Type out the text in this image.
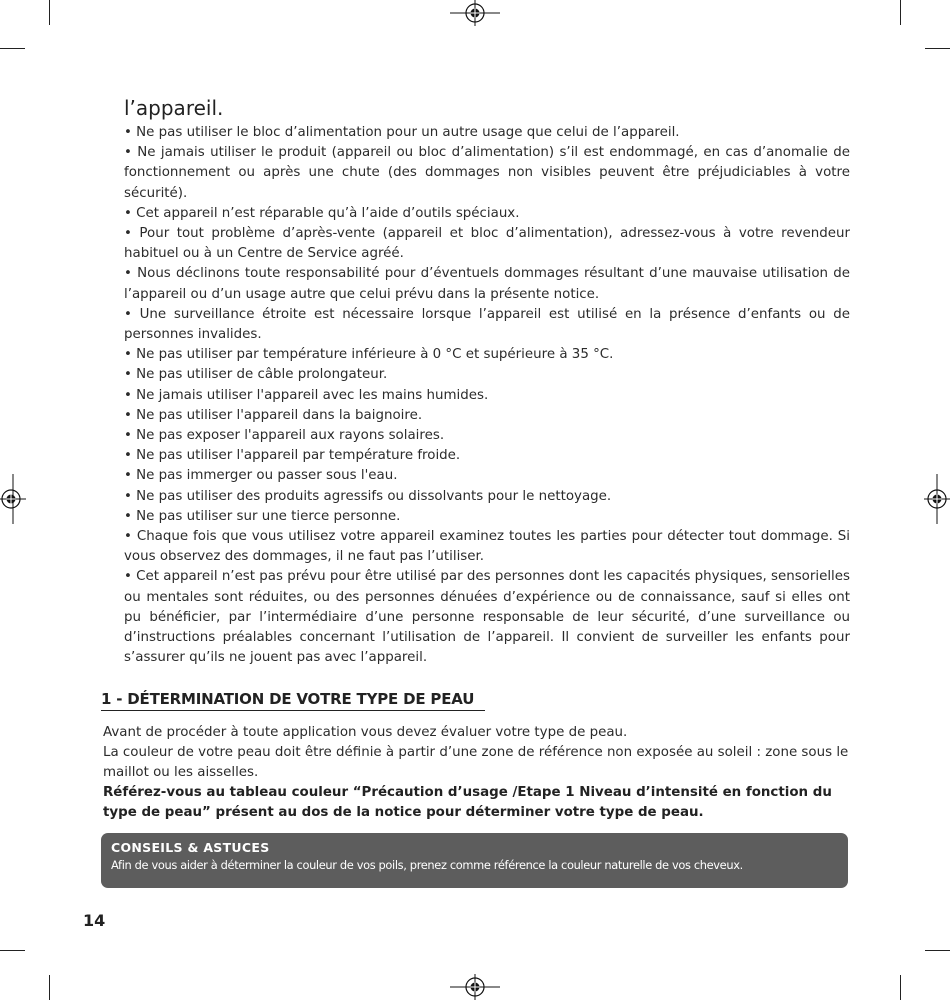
l’appareil.

• Ne pas utiliser le bloc d’alimentation pour un autre usage que celui de l’appareil.

• Ne jamais utiliser le produit (appareil ou bloc d’alimentation) s’il est endommagé, en cas d’anomalie de fonctionnement ou après une chute (des dommages non visibles peuvent être préjudiciables à votre sécurité).

• Cet appareil n’est réparable qu’à l’aide d’outils spéciaux.

• Pour tout problème d’après-vente (appareil et bloc d’alimentation), adressez-vous à votre revendeur habituel ou à un Centre de Service agréé.

• Nous déclinons toute responsabilité pour d’éventuels dommages résultant d’une mauvaise utilisation de l’appareil ou d’un usage autre que celui prévu dans la présente notice.

• Une surveillance étroite est nécessaire lorsque l’appareil est utilisé en la présence d’enfants ou de personnes invalides.

• Ne pas utiliser par température inférieure à 0 °C et supérieure à 35 °C.

• Ne pas utiliser de câble prolongateur.

• Ne jamais utiliser l'appareil avec les mains humides.

• Ne pas utiliser l'appareil dans la baignoire.

• Ne pas exposer l'appareil aux rayons solaires.

• Ne pas utiliser l'appareil par température froide.

• Ne pas immerger ou passer sous l'eau.

• Ne pas utiliser des produits agressifs ou dissolvants pour le nettoyage.

• Ne pas utiliser sur une tierce personne.

• Chaque fois que vous utilisez votre appareil examinez toutes les parties pour détecter tout dommage. Si vous observez des dommages, il ne faut pas l’utiliser.

• Cet appareil n’est pas prévu pour être utilisé par des personnes dont les capacités physiques, sensorielles ou mentales sont réduites, ou des personnes dénuées d’expérience ou de connaissance, sauf si elles ont pu bénéficier, par l’intermédiaire d’une personne responsable de leur sécurité, d’une surveillance ou d’instructions préalables concernant l’utilisation de l’appareil. Il convient de surveiller les enfants pour s’assurer qu’ils ne jouent pas avec l’appareil.

1 - DÉTERMINATION DE VOTRE TYPE DE PEAU

Avant de procéder à toute application vous devez évaluer votre type de peau.

La couleur de votre peau doit être définie à partir d’une zone de référence non exposée au soleil : zone sous le maillot ou les aisselles.

Référez-vous au tableau couleur “Précaution d’usage /Etape 1 Niveau d’intensité en fonction du type de peau” présent au dos de la notice pour déterminer votre type de peau.

CONSEILS & ASTUCES
Afin de vous aider à déterminer la couleur de vos poils, prenez comme référence la couleur naturelle de vos cheveux.
14
